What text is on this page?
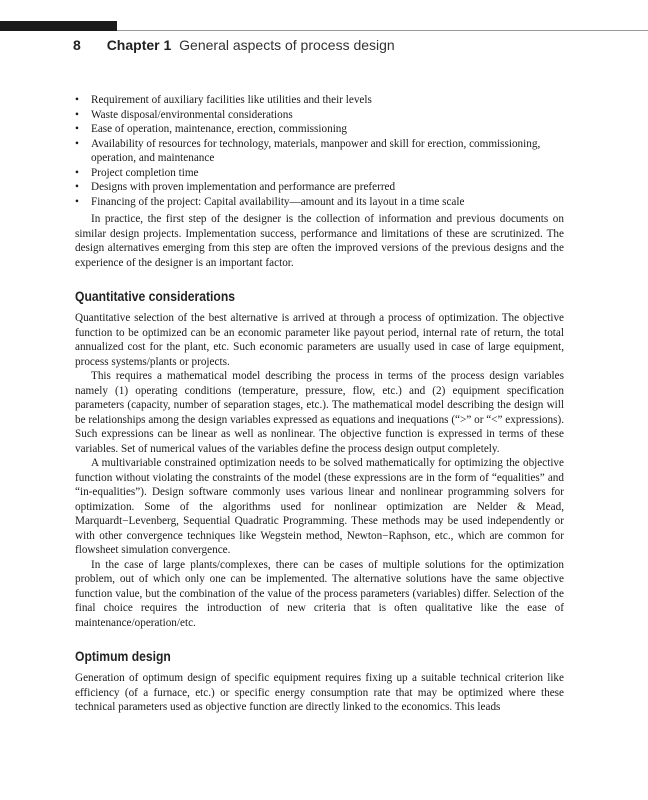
8 Chapter 1 General aspects of process design
• Requirement of auxiliary facilities like utilities and their levels
• Waste disposal/environmental considerations
• Ease of operation, maintenance, erection, commissioning
• Availability of resources for technology, materials, manpower and skill for erection, commissioning, operation, and maintenance
• Project completion time
• Designs with proven implementation and performance are preferred
• Financing of the project: Capital availability—amount and its layout in a time scale

In practice, the first step of the designer is the collection of information and previous documents on similar design projects. Implementation success, performance and limitations of these are scrutinized. The design alternatives emerging from this step are often the improved versions of the previous designs and the experience of the designer is an important factor.

Quantitative considerations

Quantitative selection of the best alternative is arrived at through a process of optimization. The objective function to be optimized can be an economic parameter like payout period, internal rate of return, the total annualized cost for the plant, etc. Such economic parameters are usually used in case of large equipment, process systems/plants or projects.

This requires a mathematical model describing the process in terms of the process design variables namely (1) operating conditions (temperature, pressure, flow, etc.) and (2) equipment specification parameters (capacity, number of separation stages, etc.). The mathematical model describing the design will be relationships among the design variables expressed as equations and inequations (“>” or “<” expressions). Such expressions can be linear as well as nonlinear. The objective function is expressed in terms of these variables. Set of numerical values of the variables define the process design output completely.

A multivariable constrained optimization needs to be solved mathematically for optimizing the objective function without violating the constraints of the model (these expressions are in the form of “equalities” and “in-equalities”). Design software commonly uses various linear and nonlinear programming solvers for optimization. Some of the algorithms used for nonlinear optimization are Nelder & Mead, Marquardt−Levenberg, Sequential Quadratic Programming. These methods may be used independently or with other convergence techniques like Wegstein method, Newton−Raphson, etc., which are common for flowsheet simulation convergence.

In the case of large plants/complexes, there can be cases of multiple solutions for the optimization problem, out of which only one can be implemented. The alternative solutions have the same objective function value, but the combination of the value of the process parameters (variables) differ. Selection of the final choice requires the introduction of new criteria that is often qualitative like the ease of maintenance/operation/etc.

Optimum design

Generation of optimum design of specific equipment requires fixing up a suitable technical criterion like efficiency (of a furnace, etc.) or specific energy consumption rate that may be optimized where these technical parameters used as objective function are directly linked to the economics. This leads
